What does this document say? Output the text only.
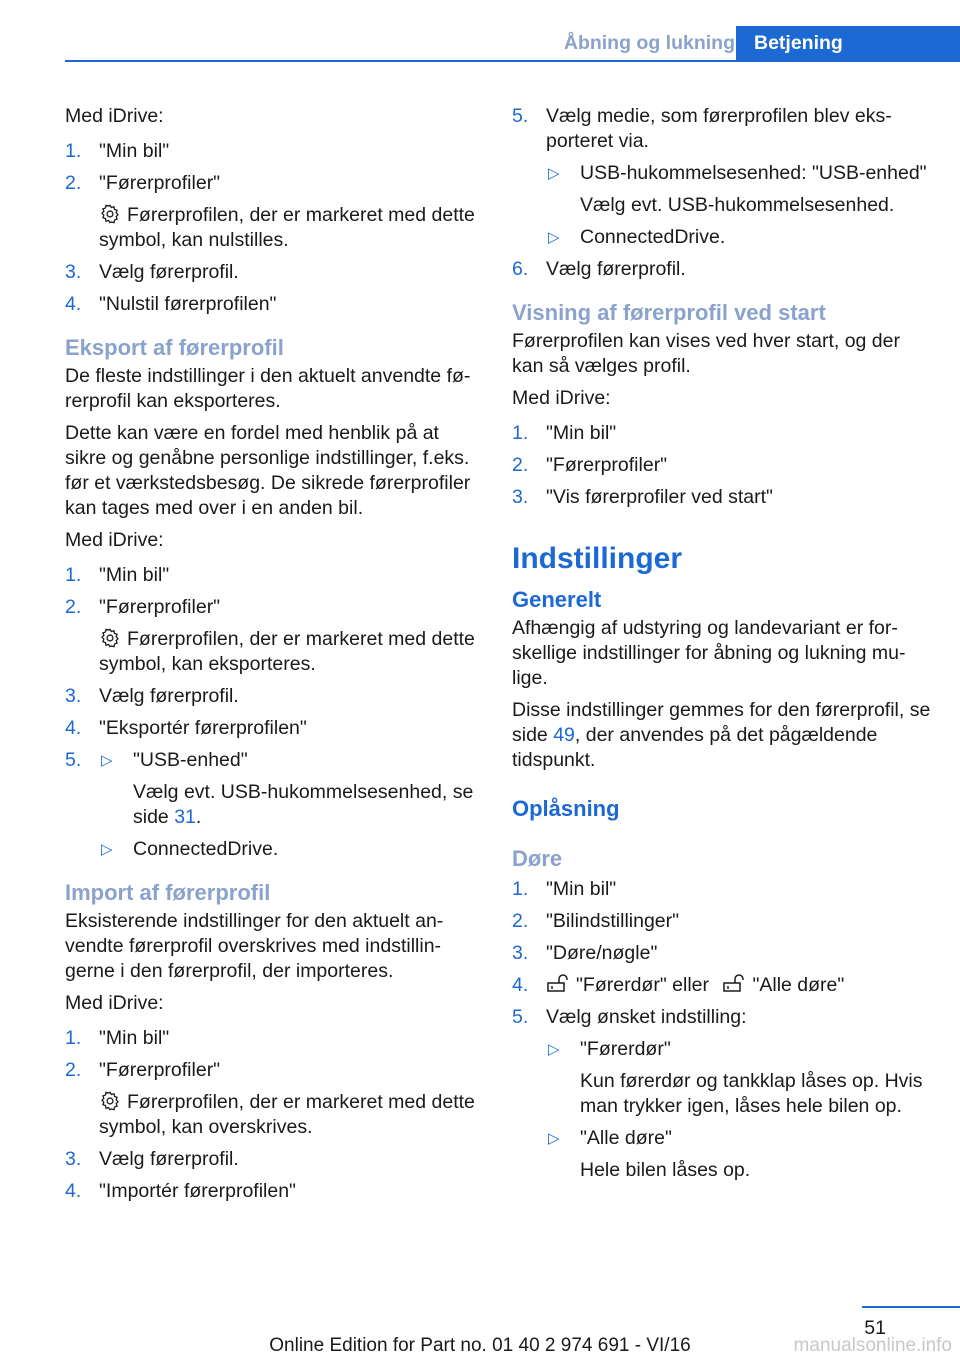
Åbning og lukning Betjening

Med iDrive:

1. "Min bil"
2. "Førerprofiler"
Førerprofilen, der er markeret med dette symbol, kan nulstilles.
3. Vælg førerprofil.
4. "Nulstil førerprofilen"
Eksport af førerprofil

De fleste indstillinger i den aktuelt anvendte fø-rerprofil kan eksporteres.

Dette kan være en fordel med henblik på at sikre og genåbne personlige indstillinger, f.eks. før et værkstedsbesøg. De sikrede førerprofiler kan tages med over i en anden bil.

Med iDrive:

1. "Min bil"
2. "Førerprofiler"
Førerprofilen, der er markeret med dette symbol, kan eksporteres.
3. Vælg førerprofil.
4. "Eksportér førerprofilen"
5. ▷ "USB-enhed"
Vælg evt. USB-hukommelsesenhed, se side 31.
▷ ConnectedDrive.
Import af førerprofil

Eksisterende indstillinger for den aktuelt an-vendte førerprofil overskrives med indstillin-gerne i den førerprofil, der importeres.

Med iDrive:

1. "Min bil"
2. "Førerprofiler"
Førerprofilen, der er markeret med dette symbol, kan overskrives.
3. Vælg førerprofil.
4. "Importér førerprofilen"
5. Vælg medie, som førerprofilen blev eks-porteret via.
▷ USB-hukommelsesenhed: "USB-enhed"
Vælg evt. USB-hukommelsesenhed.
▷ ConnectedDrive.
6. Vælg førerprofil.
Visning af førerprofil ved start

Førerprofilen kan vises ved hver start, og der kan så vælges profil.

Med iDrive:

1. "Min bil"
2. "Førerprofiler"
3. "Vis førerprofiler ved start"
Indstillinger
Generelt

Afhængig af udstyring og landevariant er for-skellige indstillinger for åbning og lukning mu-lige.

Disse indstillinger gemmes for den førerprofil, se side 49, der anvendes på det pågældende tidspunkt.

Oplåsning
Døre
1. "Min bil"
2. "Bilindstillinger"
3. "Døre/nøgle"
4. "Førerdør" eller "Alle døre"
5. Vælg ønsket indstilling:
▷ "Førerdør"
Kun førerdør og tankklap låses op. Hvis man trykker igen, låses hele bilen op.
▷ "Alle døre"
Hele bilen låses op.
51
Online Edition for Part no. 01 40 2 974 691 - VI/16	manualsonline.info
